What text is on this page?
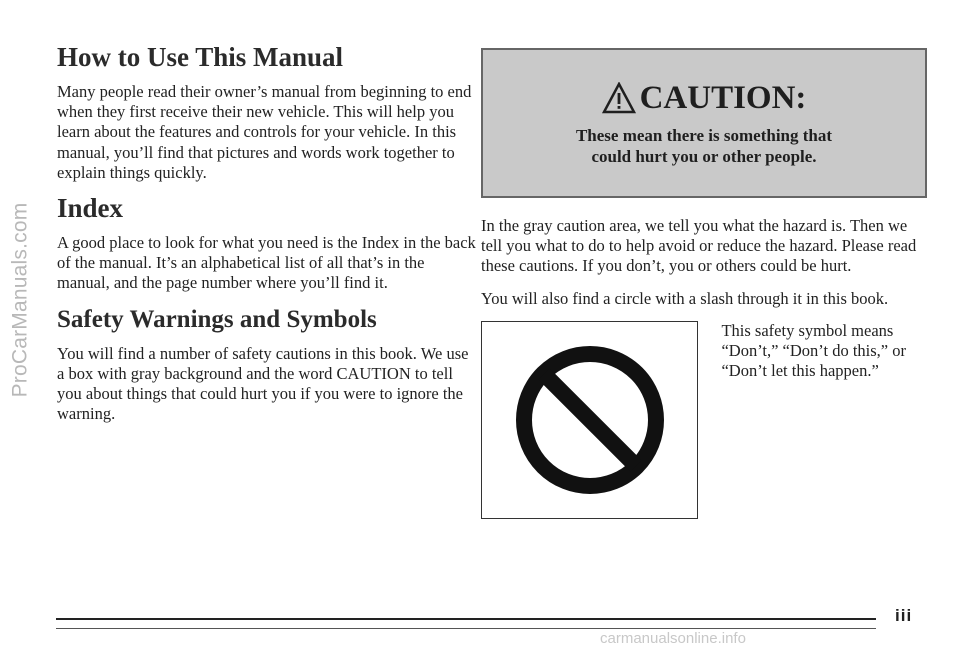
ProCarManuals.com
How to Use This Manual

Many people read their owner’s manual from beginning to end when they first receive their new vehicle. This will help you learn about the features and controls for your vehicle. In this manual, you’ll find that pictures and words work together to explain things quickly.

Index

A good place to look for what you need is the Index in the back of the manual. It’s an alphabetical list of all that’s in the manual, and the page number where you’ll find it.

Safety Warnings and Symbols

You will find a number of safety cautions in this book. We use a box with gray background and the word CAUTION to tell you about things that could hurt you if you were to ignore the warning.

CAUTION:
These mean there is something that
could hurt you or other people.

In the gray caution area, we tell you what the hazard is. Then we tell you what to do to help avoid or reduce the hazard. Please read these cautions. If you don’t, you or others could be hurt.

You will also find a circle with a slash through it in this book.

This safety symbol means “Don’t,” “Don’t do this,” or “Don’t let this happen.”

iii
carmanualsonline.info
